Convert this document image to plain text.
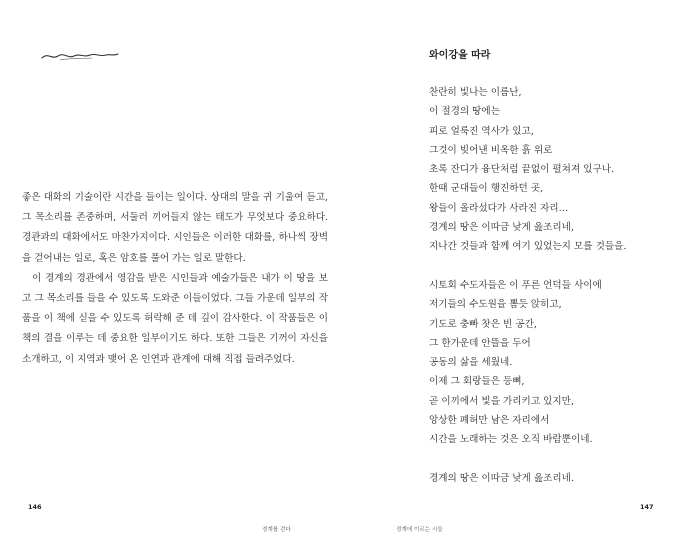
좋은 대화의 기술이란 시간을 들이는 일이다. 상대의 말을 귀 기울여 듣고, 그 목소리를 존중하며, 서둘러 끼어들지 않는 태도가 무엇보다 중요하다. 경관과의 대화에서도 마찬가지이다. 시인들은 이러한 대화를, 하나씩 장벽을 걷어내는 일로, 혹은 암호를 풀어 가는 일로 말한다.

이 경계의 경관에서 영감을 받은 시인들과 예술가들은 내가 이 땅을 보고 그 목소리를 들을 수 있도록 도와준 이들이었다. 그들 가운데 일부의 작품을 이 책에 싣을 수 있도록 허락해 준 데 깊이 감사한다. 이 작품들은 이 책의 결을 이루는 데 중요한 일부이기도 하다. 또한 그들은 기꺼이 자신을 소개하고, 이 지역과 맺어 온 인연과 관계에 대해 직접 들려주었다.

146
경계를 걷다
와이강을 따라
찬란히 빛나는 이름난,
이 절경의 땅에는
피로 얼룩진 역사가 있고,
그것이 빚어낸 비옥한 흙 위로
초록 잔디가 융단처럼 끝없이 펼쳐져 있구나.
한때 군대들이 행진하던 곳,
왕들이 올라섰다가 사라진 자리…
경계의 땅은 이따금 낮게 읊조리네,
지나간 것들과 함께 여기 있었는지 모를 것들을.
시토회 수도자들은 이 푸른 언덕들 사이에
저기들의 수도원을 뽐듯 앉히고,
기도로 충빠 찻은 빈 공간,
그 한가운데 안뜰을 두어
공동의 삶을 세웠네.
이제 그 회랑들은 등뼈,
곧 이끼에서 빛을 가리키고 있지만,
앙상한 폐허만 남은 자리에서
시간을 노래하는 것은 오직 바람뿐이네.
경계의 땅은 이따금 낮게 읊조리네.
147
경계에 이르는 시들
